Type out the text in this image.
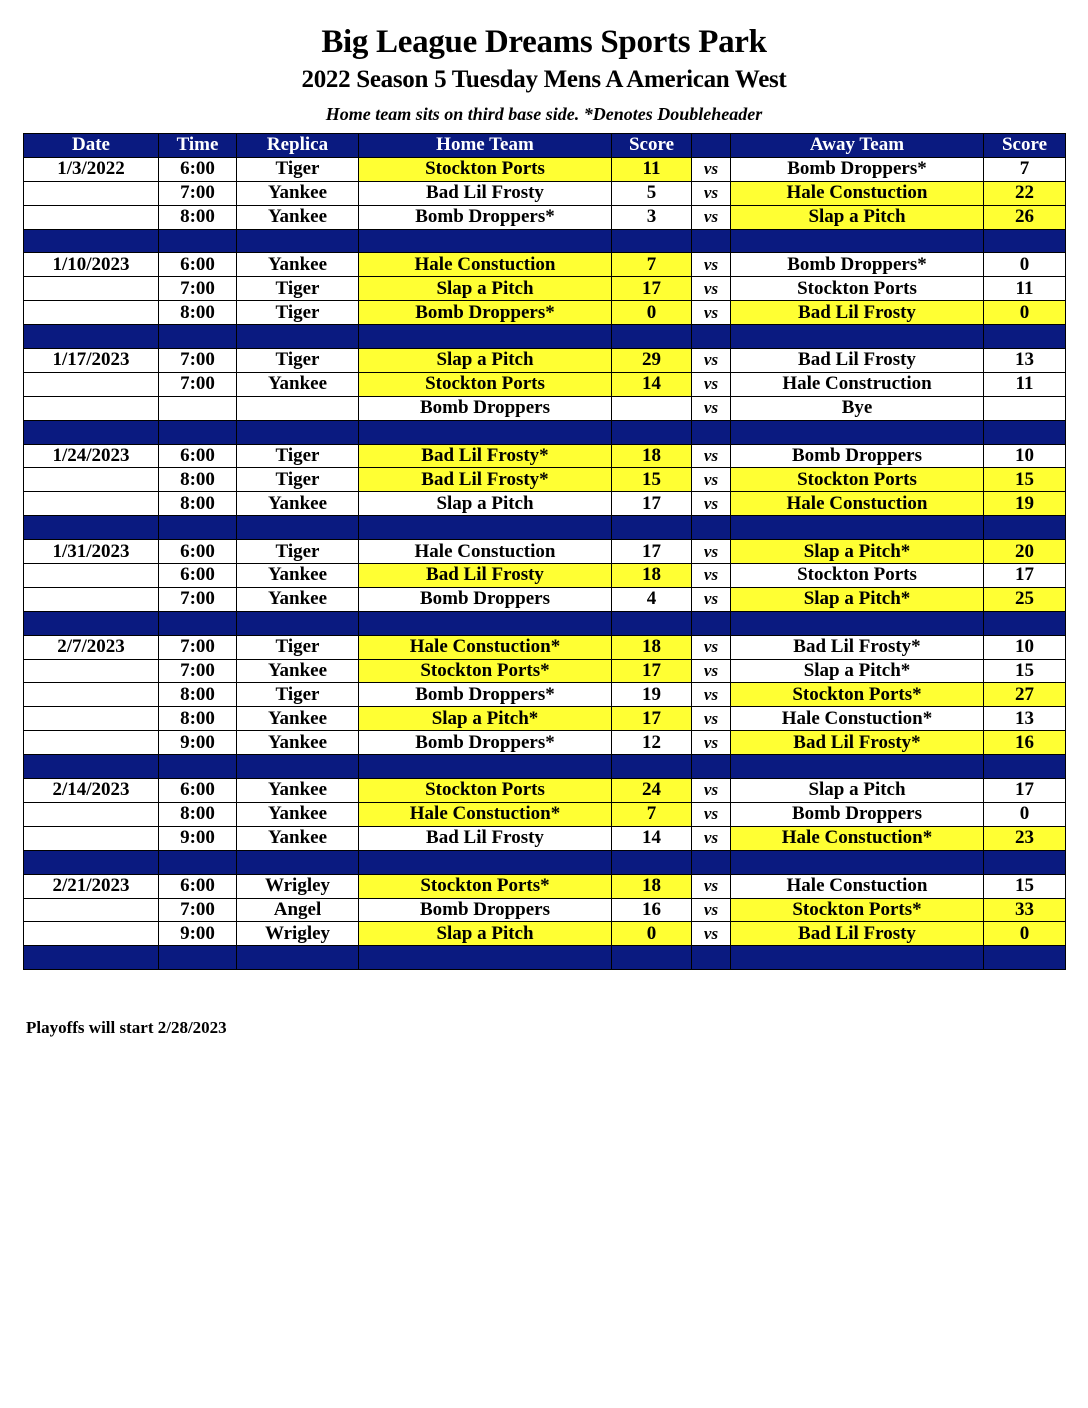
Big League Dreams Sports Park
2022 Season 5 Tuesday Mens A American West
Home team sits on third base side. *Denotes Doubleheader
Date	Time	Replica	Home Team	Score		Away Team	Score
1/3/2022	6:00	Tiger	Stockton Ports	11	vs	Bomb Droppers*	7
	7:00	Yankee	Bad Lil Frosty	5	vs	Hale Constuction	22
	8:00	Yankee	Bomb Droppers*	3	vs	Slap a Pitch	26

1/10/2023	6:00	Yankee	Hale Constuction	7	vs	Bomb Droppers*	0
	7:00	Tiger	Slap a Pitch	17	vs	Stockton Ports	11
	8:00	Tiger	Bomb Droppers*	0	vs	Bad Lil Frosty	0

1/17/2023	7:00	Tiger	Slap a Pitch	29	vs	Bad Lil Frosty	13
	7:00	Yankee	Stockton Ports	14	vs	Hale Construction	11
			Bomb Droppers		vs	Bye	

1/24/2023	6:00	Tiger	Bad Lil Frosty*	18	vs	Bomb Droppers	10
	8:00	Tiger	Bad Lil Frosty*	15	vs	Stockton Ports	15
	8:00	Yankee	Slap a Pitch	17	vs	Hale Constuction	19

1/31/2023	6:00	Tiger	Hale Constuction	17	vs	Slap a Pitch*	20
	6:00	Yankee	Bad Lil Frosty	18	vs	Stockton Ports	17
	7:00	Yankee	Bomb Droppers	4	vs	Slap a Pitch*	25

2/7/2023	7:00	Tiger	Hale Constuction*	18	vs	Bad Lil Frosty*	10
	7:00	Yankee	Stockton Ports*	17	vs	Slap a Pitch*	15
	8:00	Tiger	Bomb Droppers*	19	vs	Stockton Ports*	27
	8:00	Yankee	Slap a Pitch*	17	vs	Hale Constuction*	13
	9:00	Yankee	Bomb Droppers*	12	vs	Bad Lil Frosty*	16

2/14/2023	6:00	Yankee	Stockton Ports	24	vs	Slap a Pitch	17
	8:00	Yankee	Hale Constuction*	7	vs	Bomb Droppers	0
	9:00	Yankee	Bad Lil Frosty	14	vs	Hale Constuction*	23

2/21/2023	6:00	Wrigley	Stockton Ports*	18	vs	Hale Constuction	15
	7:00	Angel	Bomb Droppers	16	vs	Stockton Ports*	33
	9:00	Wrigley	Slap a Pitch	0	vs	Bad Lil Frosty	0

Playoffs will start 2/28/2023
